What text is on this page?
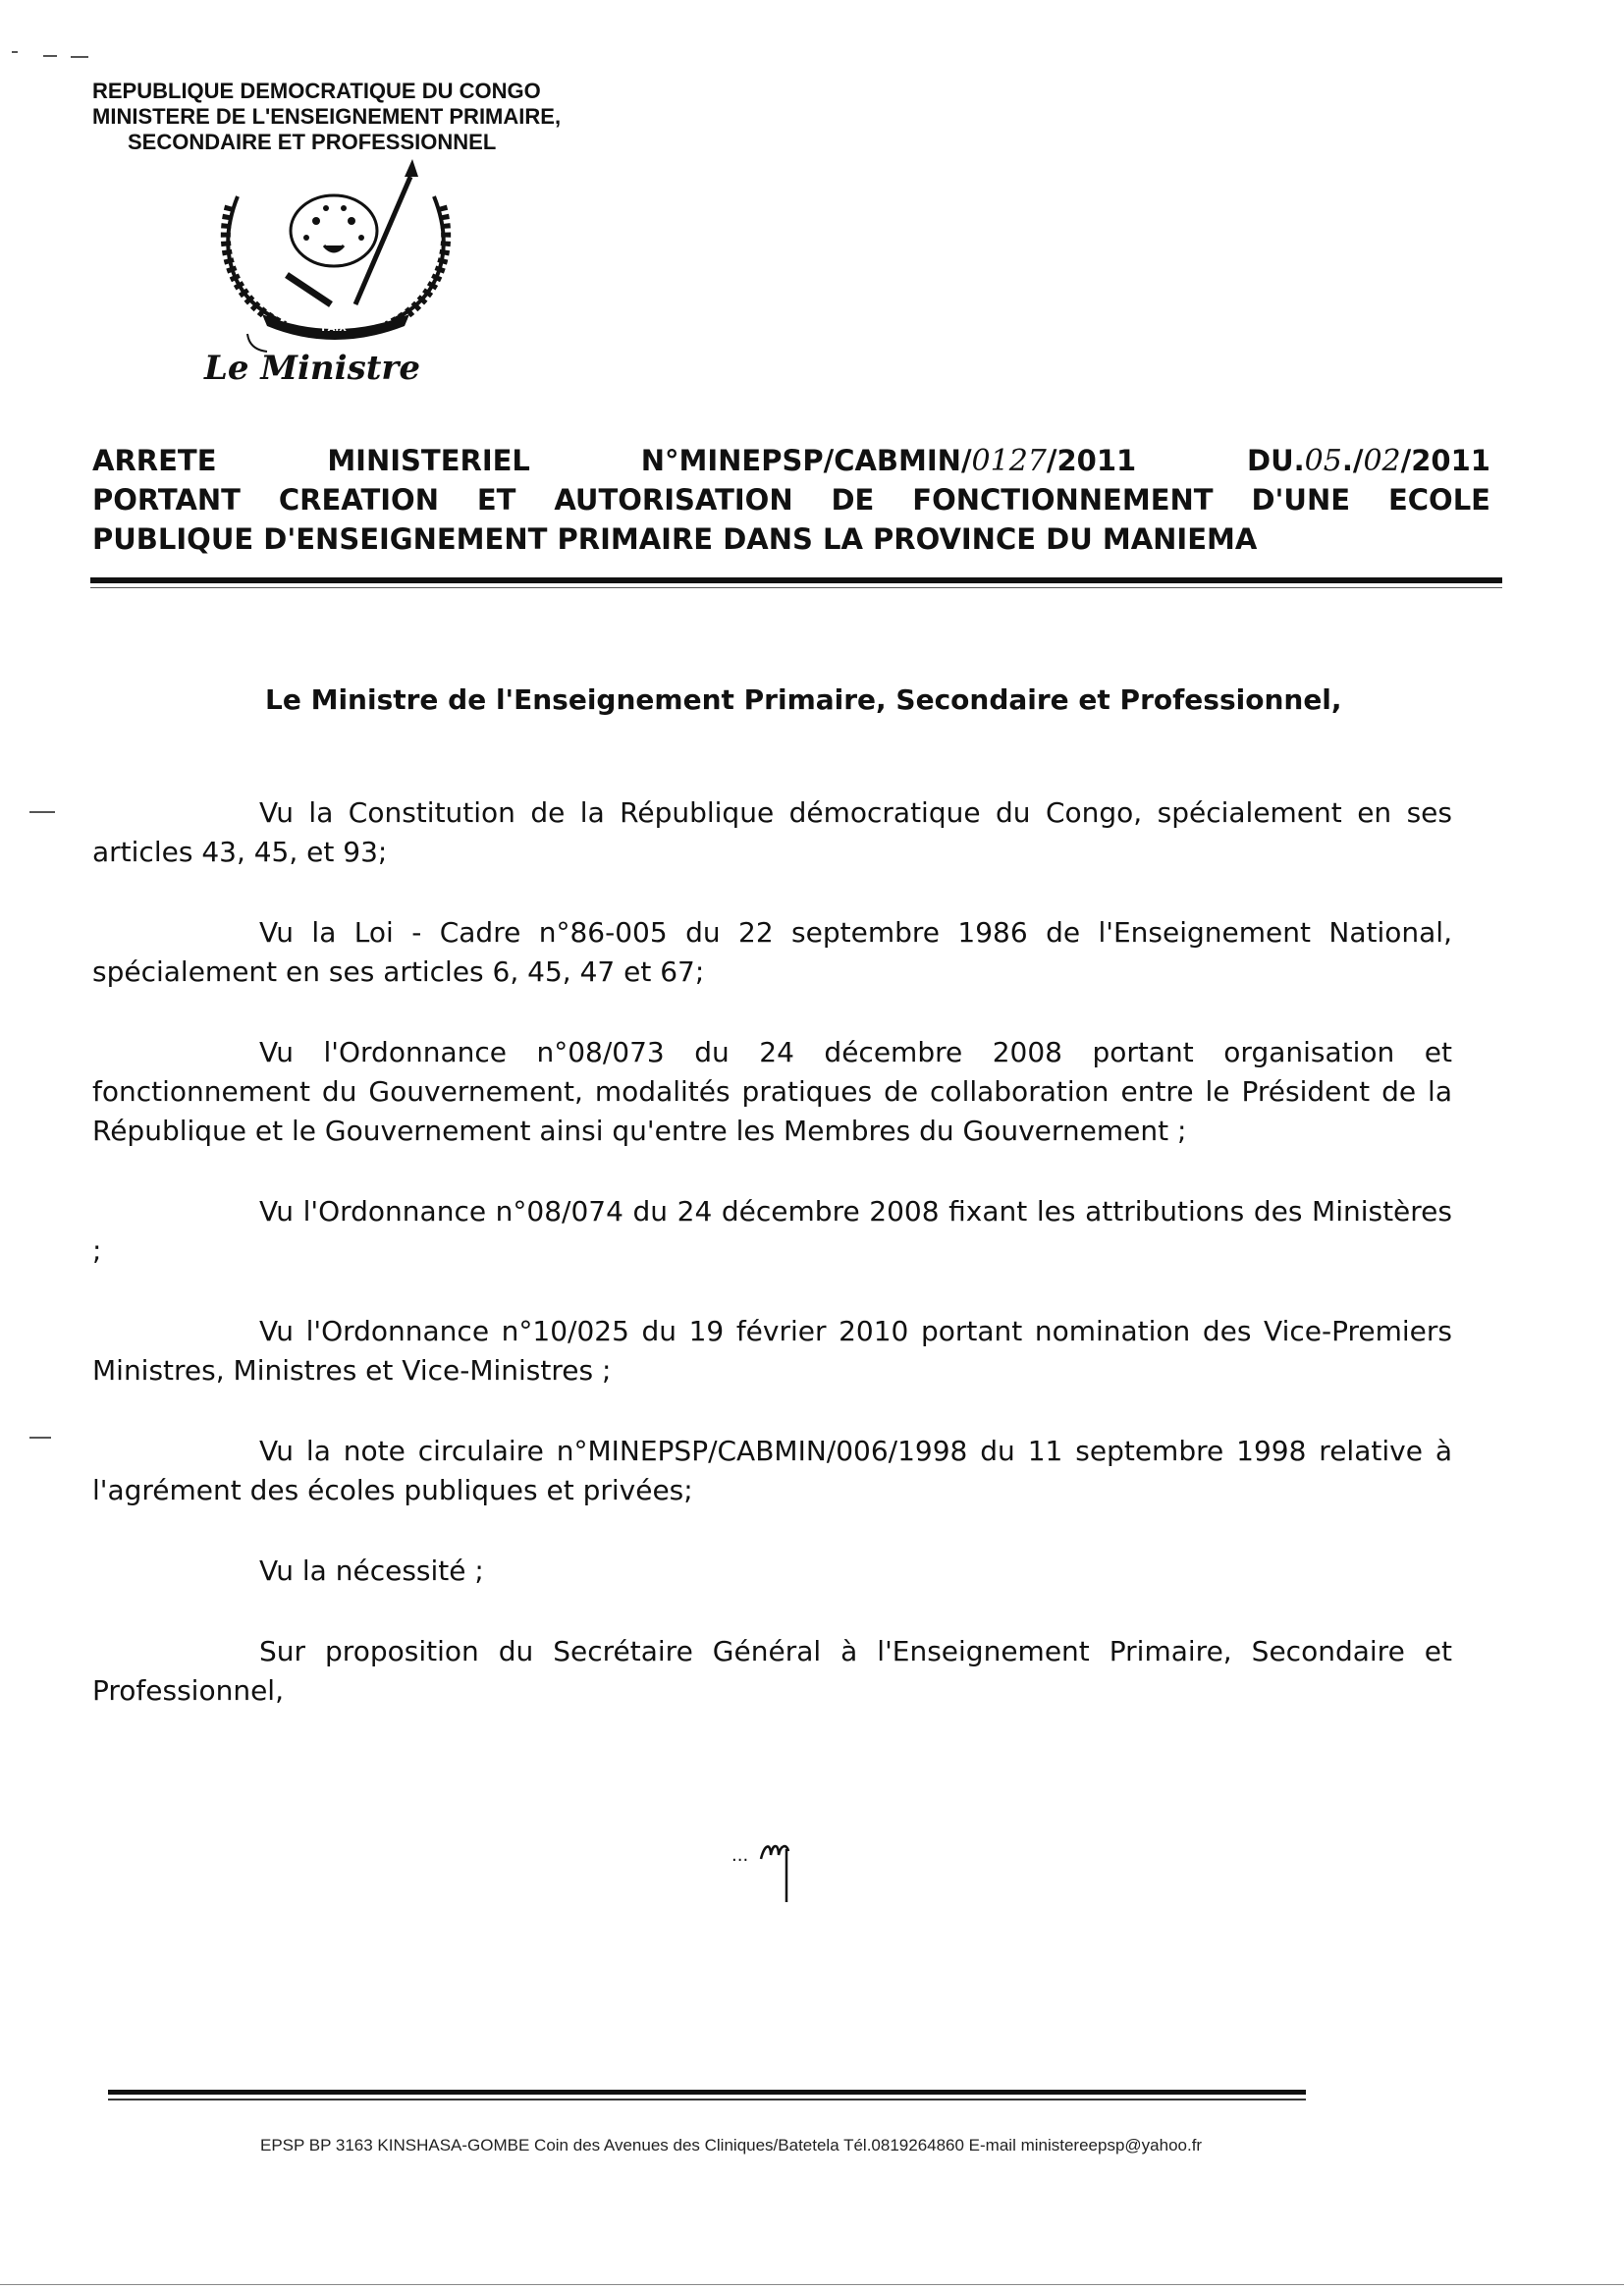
REPUBLIQUE DEMOCRATIQUE DU CONGO
MINISTERE DE L'ENSEIGNEMENT PRIMAIRE,
SECONDAIRE ET PROFESSIONNEL
PAIX
Le Ministre
ARRETE	MINISTERIEL	N°MINEPSP/CABMIN/0127/2011	DU.05./02/2011
PORTANT CREATION ET AUTORISATION DE FONCTIONNEMENT D'UNE ECOLE
PUBLIQUE D'ENSEIGNEMENT PRIMAIRE DANS LA PROVINCE DU MANIEMA
Le Ministre de l'Enseignement Primaire, Secondaire et Professionnel,

Vu la Constitution de la République démocratique du Congo, spécialement en ses articles 43, 45, et 93;

Vu la Loi - Cadre n°86-005 du 22 septembre 1986 de l'Enseignement National, spécialement en ses articles 6, 45, 47 et 67;

Vu l'Ordonnance n°08/073 du 24 décembre 2008 portant organisation et fonctionnement du Gouvernement, modalités pratiques de collaboration entre le Président de la République et le Gouvernement ainsi qu'entre les Membres du Gouvernement ;

Vu l'Ordonnance n°08/074 du 24 décembre 2008 fixant les attributions des Ministères ;

Vu l'Ordonnance n°10/025 du 19 février 2010 portant nomination des Vice-Premiers Ministres, Ministres et Vice-Ministres ;

Vu la note circulaire n°MINEPSP/CABMIN/006/1998 du 11 septembre 1998 relative à l'agrément des écoles publiques et privées;

Vu la nécessité ;

Sur proposition du Secrétaire Général à l'Enseignement Primaire, Secondaire et Professionnel,

...
EPSP BP 3163 KINSHASA-GOMBE Coin des Avenues des Cliniques/Batetela Tél.0819264860 E-mail ministereepsp@yahoo.fr
